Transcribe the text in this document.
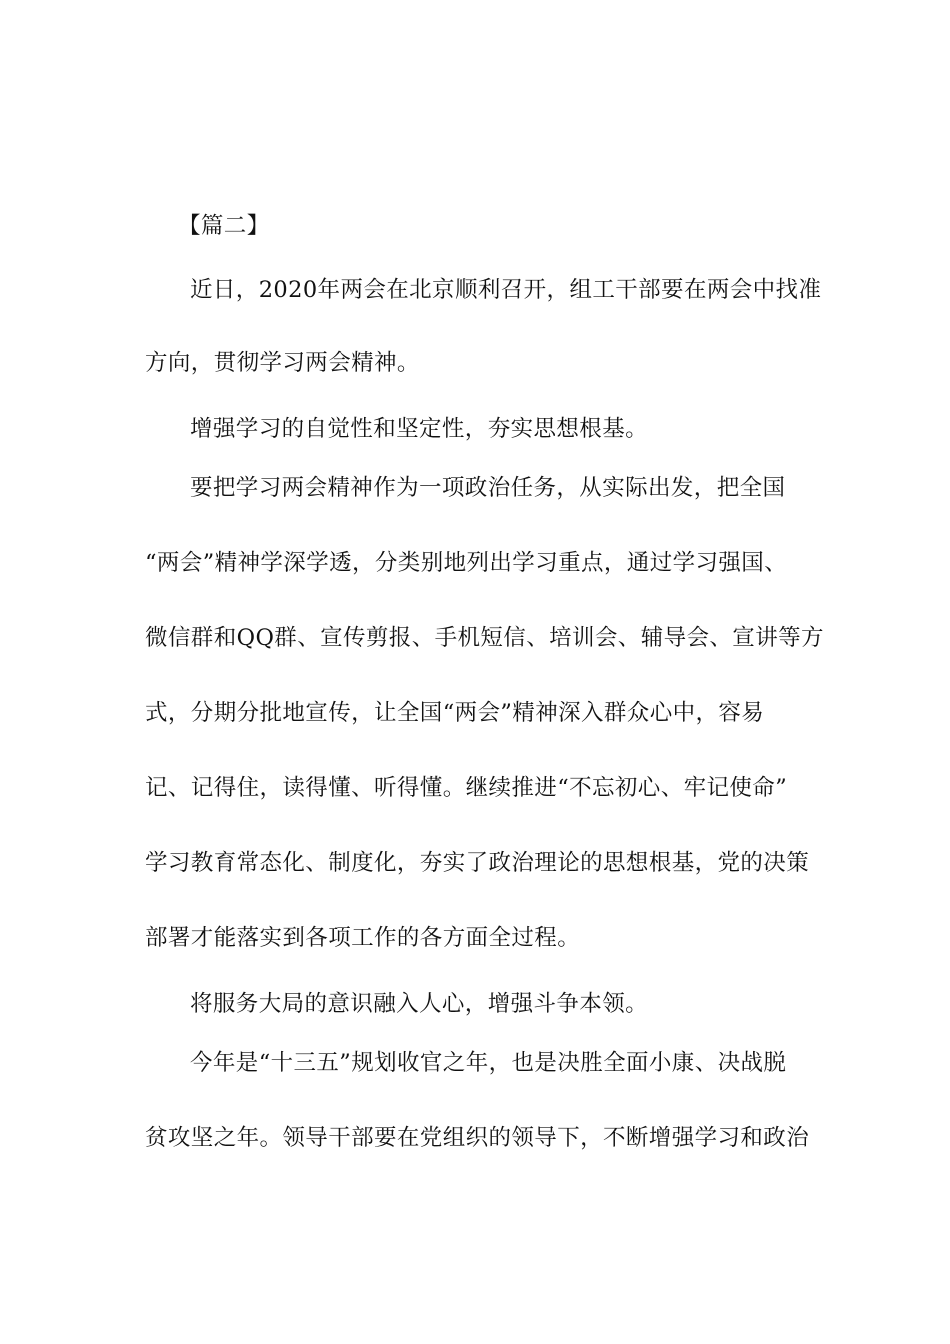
【篇二】
近日，2020年两会在北京顺利召开，组工干部要在两会中找准
方向，贯彻学习两会精神。
增强学习的自觉性和坚定性，夯实思想根基。
要把学习两会精神作为一项政治任务，从实际出发，把全国
“两会”精神学深学透，分类别地列出学习重点，通过学习强国、
微信群和QQ群、宣传剪报、手机短信、培训会、辅导会、宣讲等方
式，分期分批地宣传，让全国“两会”精神深入群众心中，容易
记、记得住，读得懂、听得懂。继续推进“不忘初心、牢记使命”
学习教育常态化、制度化，夯实了政治理论的思想根基，党的决策
部署才能落实到各项工作的各方面全过程。
将服务大局的意识融入人心，增强斗争本领。
今年是“十三五”规划收官之年，也是决胜全面小康、决战脱
贫攻坚之年。领导干部要在党组织的领导下，不断增强学习和政治
